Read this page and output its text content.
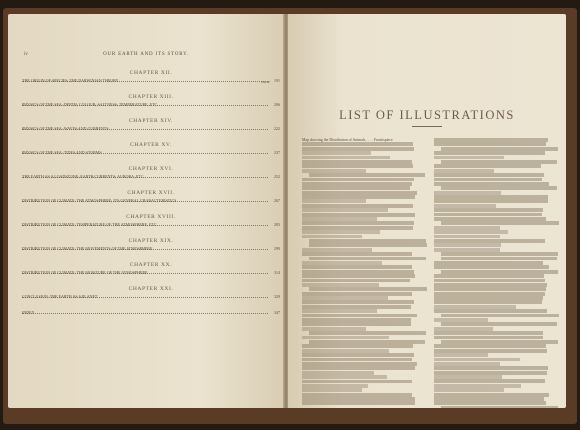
iv	OUR EARTH AND ITS STORY.
PAGE
CHAPTER XII.
THE ORIGIN OF SPECIES; THE DARWINIAN THEORY	191
CHAPTER XIII.
PHYSICS OF THE SEA: DEPTH; COLOUR; SALTNESS; TEMPERATURE, ETC.	206
CHAPTER XIV.
PHYSICS OF THE SEA: WAVES AND CURRENTS	222
CHAPTER XV.
PHYSICS OF THE SEA: TIDES AND STORMS	237
CHAPTER XVI.
THE EARTH AS A LOADSTONE: EARTH CURRENTS; AURORA, ETC.	252
CHAPTER XVII.
DISTRIBUTION OF CLIMATE: THE ATMOSPHERE; ITS GENERAL CHARACTERISTICS	267
CHAPTER XVIII.
DISTRIBUTION OF CLIMATE: TEMPERATURE OF THE ATMOSPHERE, ETC.	283
CHAPTER XIX.
DISTRIBUTION OF CLIMATE: THE MOVEMENTS OF THE ATMOSPHERE	299
CHAPTER XX.
DISTRIBUTION OF CLIMATE: THE MOISTURE OF THE ATMOSPHERE	314
CHAPTER XXI.
CONCLUSION: THE EARTH AS A PLANET	329
INDEX	347
LIST OF ILLUSTRATIONS
Map showing the Distribution of Animals . . . . Frontispiece
